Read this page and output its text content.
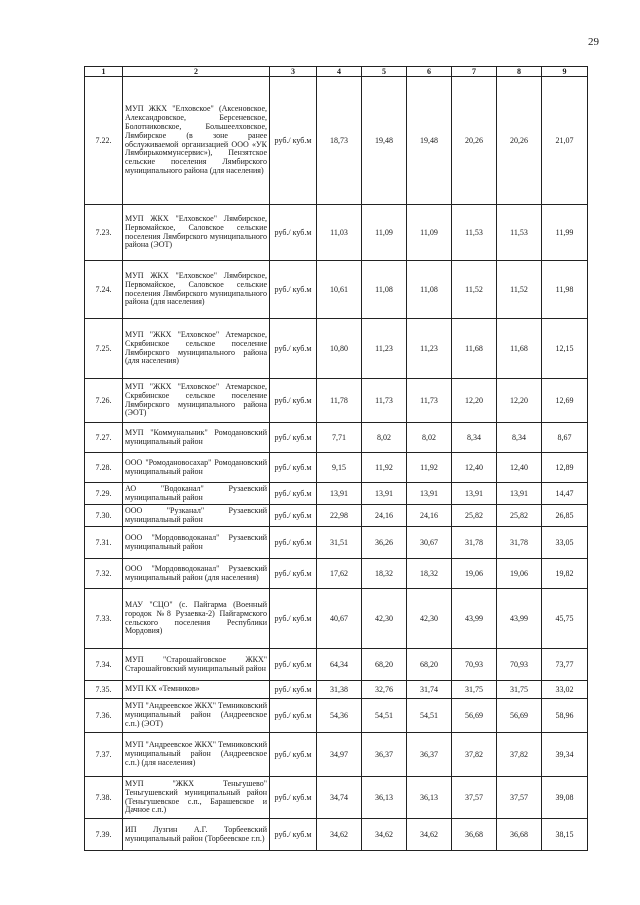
29
1	2	3	4	5	6	7	8	9
7.22.	МУП ЖКХ "Елховское" (Аксеновское, Александровское, Берсеневское, Болотниковское, Большеелховское, Лямбирское (в зоне ранее обслуживаемой организацией ООО «УК Лямбирькоммунсервис»), Пензятское сельские поселения Лямбирского муниципального района (для населения)	руб./ куб.м	18,73	19,48	19,48	20,26	20,26	21,07
7.23.	МУП ЖКХ "Елховское" Лямбирское, Первомайское, Саловское сельские поселения Лямбирского муниципального района (ЭОТ)	руб./ куб.м	11,03	11,09	11,09	11,53	11,53	11,99
7.24.	МУП ЖКХ "Елховское" Лямбирское, Первомайское, Саловское сельские поселения Лямбирского муниципального района (для населения)	руб./ куб.м	10,61	11,08	11,08	11,52	11,52	11,98
7.25.	МУП "ЖКХ "Елховское" Атемарское, Скрябинское сельское поселение Лямбирского муниципального района (для населения)	руб./ куб.м	10,80	11,23	11,23	11,68	11,68	12,15
7.26.	МУП "ЖКХ "Елховское" Атемарское, Скрябинское сельское поселение Лямбирского муниципального района (ЭОТ)	руб./ куб.м	11,78	11,73	11,73	12,20	12,20	12,69
7.27.	МУП "Коммунальник" Ромодановский муниципальный район	руб./ куб.м	7,71	8,02	8,02	8,34	8,34	8,67
7.28.	ООО "Ромодановосахар" Ромодановский муниципальный район	руб./ куб.м	9,15	11,92	11,92	12,40	12,40	12,89
7.29.	АО "Водоканал" Рузаевский муниципальный район	руб./ куб.м	13,91	13,91	13,91	13,91	13,91	14,47
7.30.	ООО "Рузканал" Рузаевский муниципальный район	руб./ куб.м	22,98	24,16	24,16	25,82	25,82	26,85
7.31.	ООО "Мордовводоканал" Рузаевский муниципальный район	руб./ куб.м	31,51	36,26	30,67	31,78	31,78	33,05
7.32.	ООО "Мордовводоканал" Рузаевский муниципальный район (для населения)	руб./ куб.м	17,62	18,32	18,32	19,06	19,06	19,82
7.33.	МАУ "СЦО" (с. Пайгарма (Военный городок №8 Рузаевка-2) Пайгармского сельского поселения Республики Мордовия)	руб./ куб.м	40,67	42,30	42,30	43,99	43,99	45,75
7.34.	МУП "Старошайговское ЖКХ" Старошайговский муниципальный район	руб./ куб.м	64,34	68,20	68,20	70,93	70,93	73,77
7.35.	МУП КХ «Темников»	руб./ куб.м	31,38	32,76	31,74	31,75	31,75	33,02
7.36.	МУП "Андреевское ЖКХ" Темниковский муниципальный район (Андреевское с.п.) (ЭОТ)	руб./ куб.м	54,36	54,51	54,51	56,69	56,69	58,96
7.37.	МУП "Андреевское ЖКХ" Темниковский муниципальный район (Андреевское с.п.) (для населения)	руб./ куб.м	34,97	36,37	36,37	37,82	37,82	39,34
7.38.	МУП "ЖКХ Теньгушево" Теньгушевский муниципальный район (Теньгушевское с.п., Барашевское и Дачное с.п.)	руб./ куб.м	34,74	36,13	36,13	37,57	37,57	39,08
7.39.	ИП Лузгин А.Г. Торбеевский муниципальный район (Торбеевское г.п.)	руб./ куб.м	34,62	34,62	34,62	36,68	36,68	38,15
